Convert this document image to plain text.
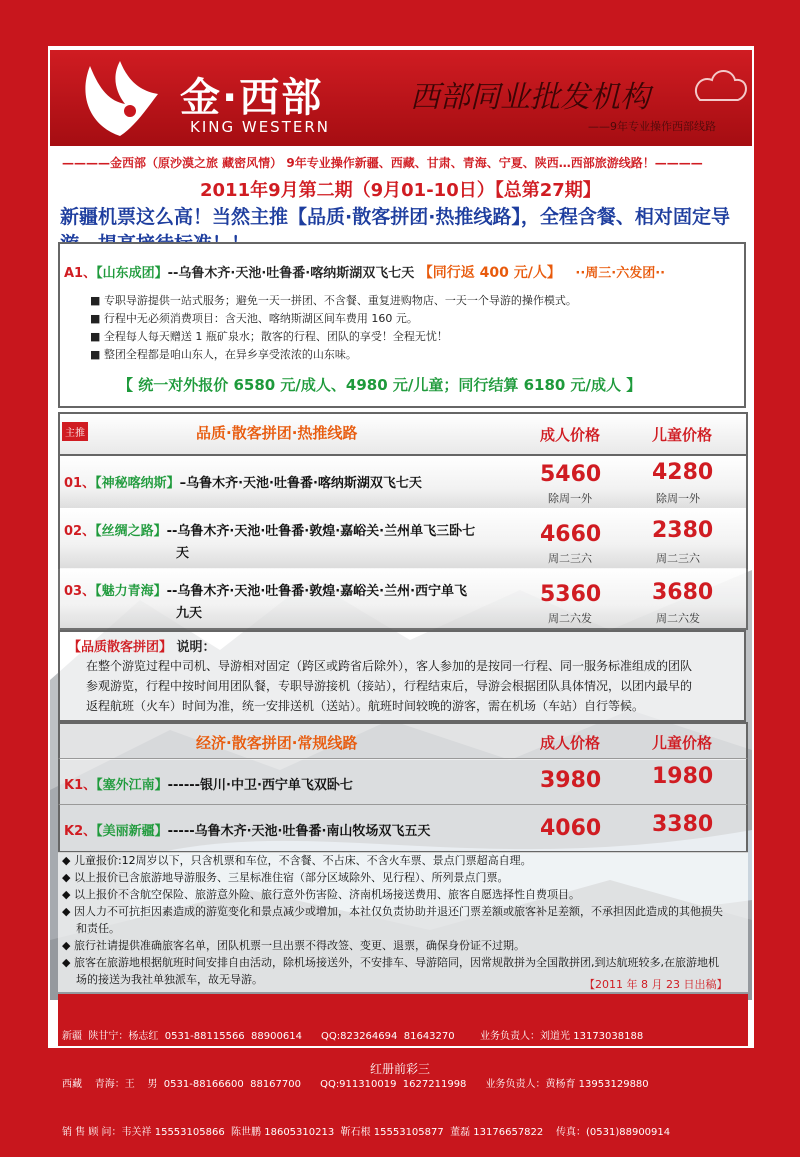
金·西部
KING WESTERN
西部同业批发机构
——9年专业操作西部线路
————金西部（原沙漠之旅 藏密风情） 9年专业操作新疆、西藏、甘肃、青海、宁夏、陕西…西部旅游线路！————
2011年9月第二期（9月01-10日）【总第27期】
新疆机票这么高！当然主推【品质·散客拼团·热推线路】，全程含餐、相对固定导
A1、【山东成团】--乌鲁木齐·天池·吐鲁番·喀纳斯湖双飞七天 【同行返 400 元/人】 ··周三·六发团··
■ 专职导游提供一站式服务；避免一天一拼团、不含餐、重复进购物店、一天一个导游的操作模式。
■ 行程中无必须消费项目：含天池、喀纳斯湖区间车费用 160 元。
■ 全程每人每天赠送 1 瓶矿泉水；散客的行程、团队的享受！全程无忧！
■ 整团全程都是咱山东人，在异乡享受浓浓的山东味。
【 统一对外报价 6580 元/成人、4980 元/儿童；同行结算 6180 元/成人 】
主推	品质·散客拼团·热推线路	成人价格	儿童价格
01、【神秘喀纳斯】–乌鲁木齐·天池·吐鲁番·喀纳斯湖双飞七天	5460 4280
除周一外	除周一外
02、【丝绸之路】--乌鲁木齐·天池·吐鲁番·敦煌·嘉峪关·兰州单飞三卧七
天
4660 2380
周二三六	周二三六
03、【魅力青海】--乌鲁木齐·天池·吐鲁番·敦煌·嘉峪关·兰州·西宁单飞
九天
5360 3680
周二六发	周二六发
【品质散客拼团】 说明：
在整个游览过程中司机、导游相对固定（跨区或跨省后除外），客人参加的是按同一行程、同一服务标准组成的团队
参观游览，行程中按时间用团队餐，专职导游接机（接站），行程结束后，导游会根据团队具体情况，以团内最早的
返程航班（火车）时间为准，统一安排送机（送站）。航班时间较晚的游客，需在机场（车站）自行等候。
经济·散客拼团·常规线路	成人价格	儿童价格
K1、【塞外江南】------银川·中卫·西宁单飞双卧七	3980 1980
K2、【美丽新疆】-----乌鲁木齐·天池·吐鲁番·南山牧场双飞五天	4060 3380
◆ 儿童报价:12周岁以下，只含机票和车位，不含餐、不占床、不含火车票、景点门票超高自理。
◆ 以上报价已含旅游地导游服务、三星标准住宿（部分区域除外、见行程）、所列景点门票。
◆ 以上报价不含航空保险、旅游意外险、旅行意外伤害险、济南机场接送费用、旅客自愿选择性自费项目。
◆ 因人力不可抗拒因素造成的游览变化和景点减少或增加，本社仅负责协助并退还门票差额或旅客补足差额，不承担因此造成的其他损失
和责任。
◆ 旅行社请提供准确旅客名单，团队机票一旦出票不得改签、变更、退票，确保身份证不过期。
◆ 旅客在旅游地根据航班时间安排自由活动，除机场接送外，不安排车、导游陪同，因常规散拼为全国散拼团,到达航班较多,在旅游地机
场的接送为我社单独派车，故无导游。	【2011 年 8 月 23 日出稿】

新疆  陕甘宁：杨志红  0531-88115566  88900614      QQ:823264694  81643270        业务负责人：刘道光 13173038188

西藏    青海：王    男  0531-88166600  88167700      QQ:911310019  1627211998      业务负责人：黄杨育 13953129880

销 售 顾 问：韦关祥 15553105866  陈世鹏 18605310213  靳石根 15553105877  董磊 13176657822    传真：(0531)88900914

红册前彩三
